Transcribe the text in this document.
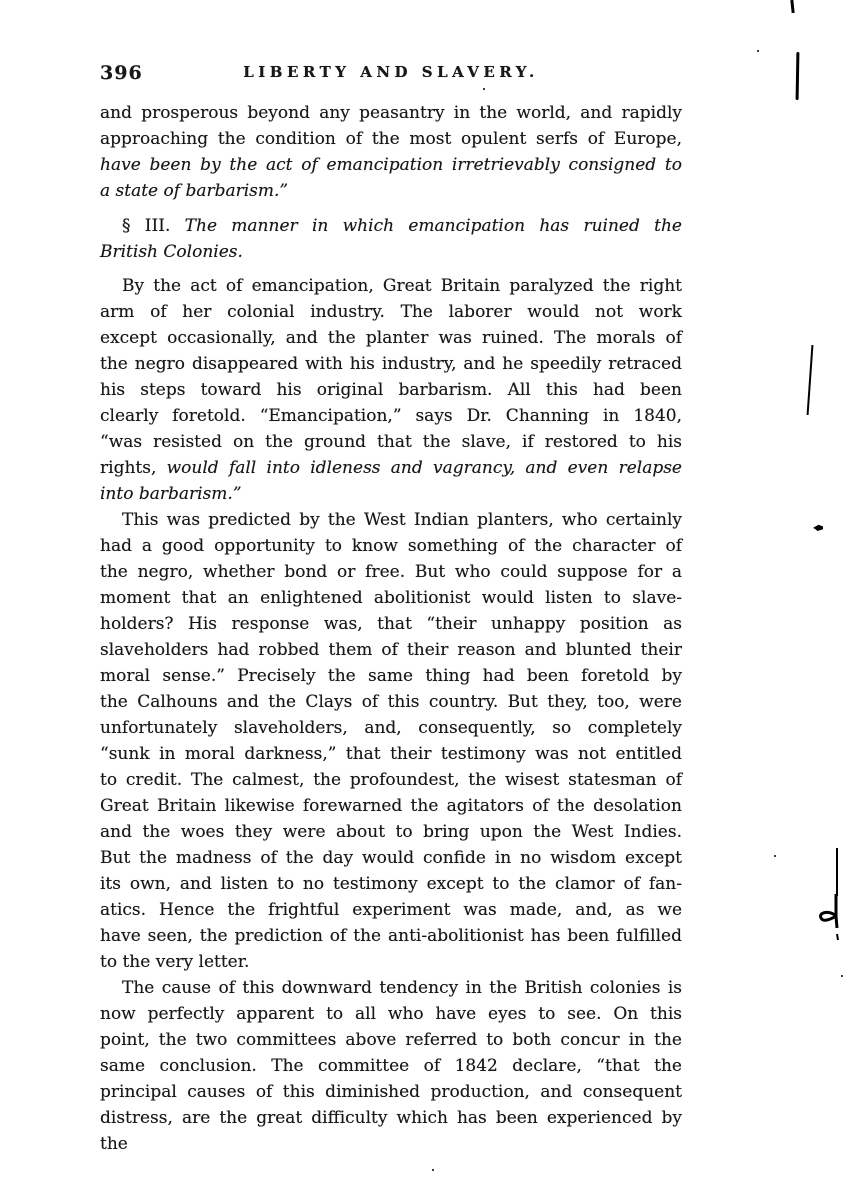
396	LIBERTY AND SLAVERY.
and prosperous beyond any peasantry in the world, and rapidly
approaching the condition of the most opulent serfs of Europe,
have been by the act of emancipation irretrievably consigned to
a state of barbarism.”
§ III. The manner in which emancipation has ruined the
British Colonies.
By the act of emancipation, Great Britain paralyzed the right
arm of her colonial industry. The laborer would not work
except occasionally, and the planter was ruined. The morals of
the negro disappeared with his industry, and he speedily retraced
his steps toward his original barbarism. All this had been
clearly foretold. “Emancipation,” says Dr. Channing in 1840,
“was resisted on the ground that the slave, if restored to his
rights, would fall into idleness and vagrancy, and even relapse
into barbarism.”
This was predicted by the West Indian planters, who certainly
had a good opportunity to know something of the character of
the negro, whether bond or free. But who could suppose for a
moment that an enlightened abolitionist would listen to slave-
holders? His response was, that “their unhappy position as
slaveholders had robbed them of their reason and blunted their
moral sense.” Precisely the same thing had been foretold by
the Calhouns and the Clays of this country. But they, too, were
unfortunately slaveholders, and, consequently, so completely
“sunk in moral darkness,” that their testimony was not entitled
to credit. The calmest, the profoundest, the wisest statesman of
Great Britain likewise forewarned the agitators of the desolation
and the woes they were about to bring upon the West Indies.
But the madness of the day would confide in no wisdom except
its own, and listen to no testimony except to the clamor of fan-
atics. Hence the frightful experiment was made, and, as we
have seen, the prediction of the anti-abolitionist has been fulfilled
to the very letter.
The cause of this downward tendency in the British colonies is
now perfectly apparent to all who have eyes to see. On this
point, the two committees above referred to both concur in the
same conclusion. The committee of 1842 declare, “that the
principal causes of this diminished production, and consequent
distress, are the great difficulty which has been experienced by the
